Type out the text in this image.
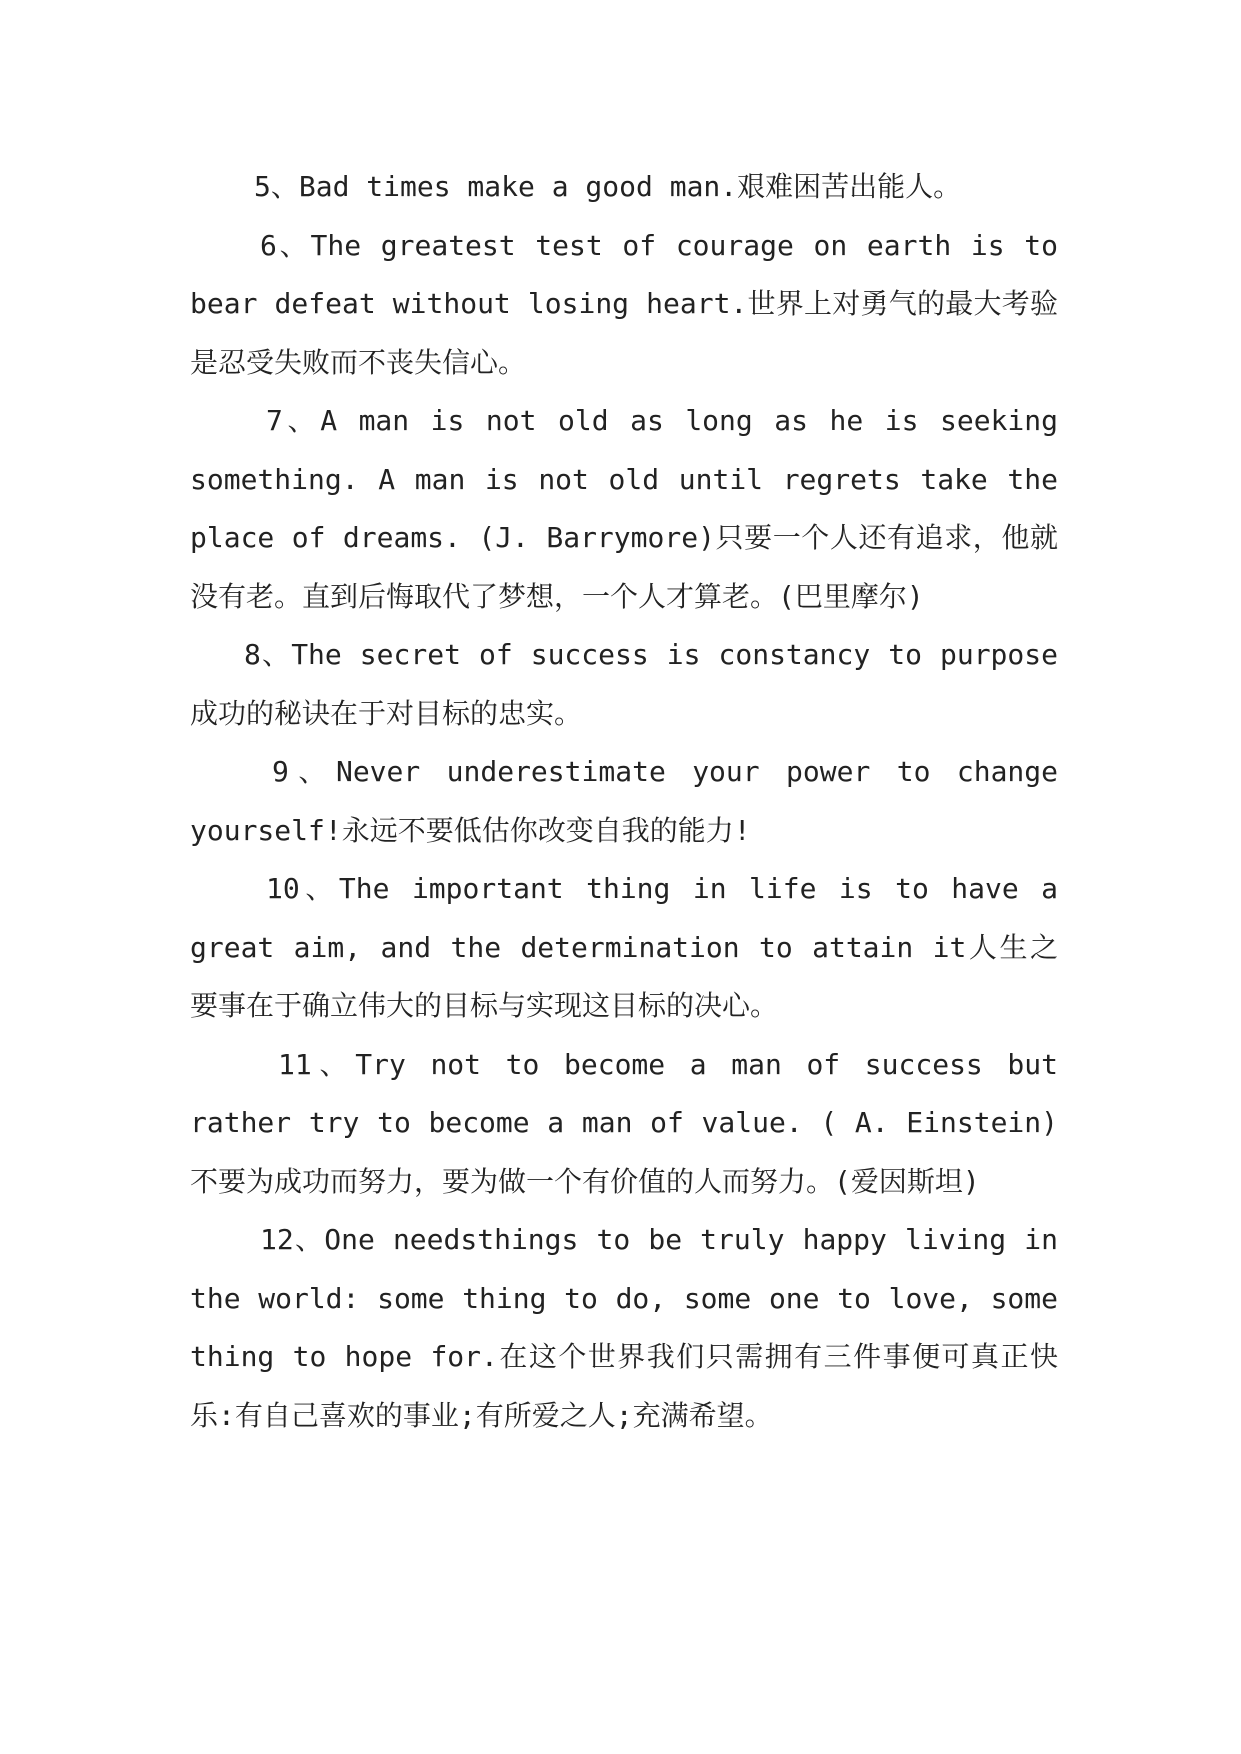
5、Bad times make a good man.艰难困苦出能人。

6、The greatest test of courage on earth is to bear defeat without losing heart.世界上对勇气的最大考验是忍受失败而不丧失信心。

7、A man is not old as long as he is seeking something. A man is not old until regrets take the place of dreams. (J. Barrymore)只要一个人还有追求，他就没有老。直到后悔取代了梦想，一个人才算老。(巴里摩尔)

8、The secret of success is constancy to purpose成功的秘诀在于对目标的忠实。

9、Never underestimate your power to change yourself!永远不要低估你改变自我的能力!

10、The important thing in life is to have a great aim, and the determination to attain it人生之要事在于确立伟大的目标与实现这目标的决心。

11、Try not to become a man of success but rather try to become a man of value. ( A. Einstein)不要为成功而努力，要为做一个有价值的人而努力。(爱因斯坦)

12、One needsthings to be truly happy living in the world: some thing to do, some one to love, some thing to hope for.在这个世界我们只需拥有三件事便可真正快乐:有自己喜欢的事业;有所爱之人;充满希望。
